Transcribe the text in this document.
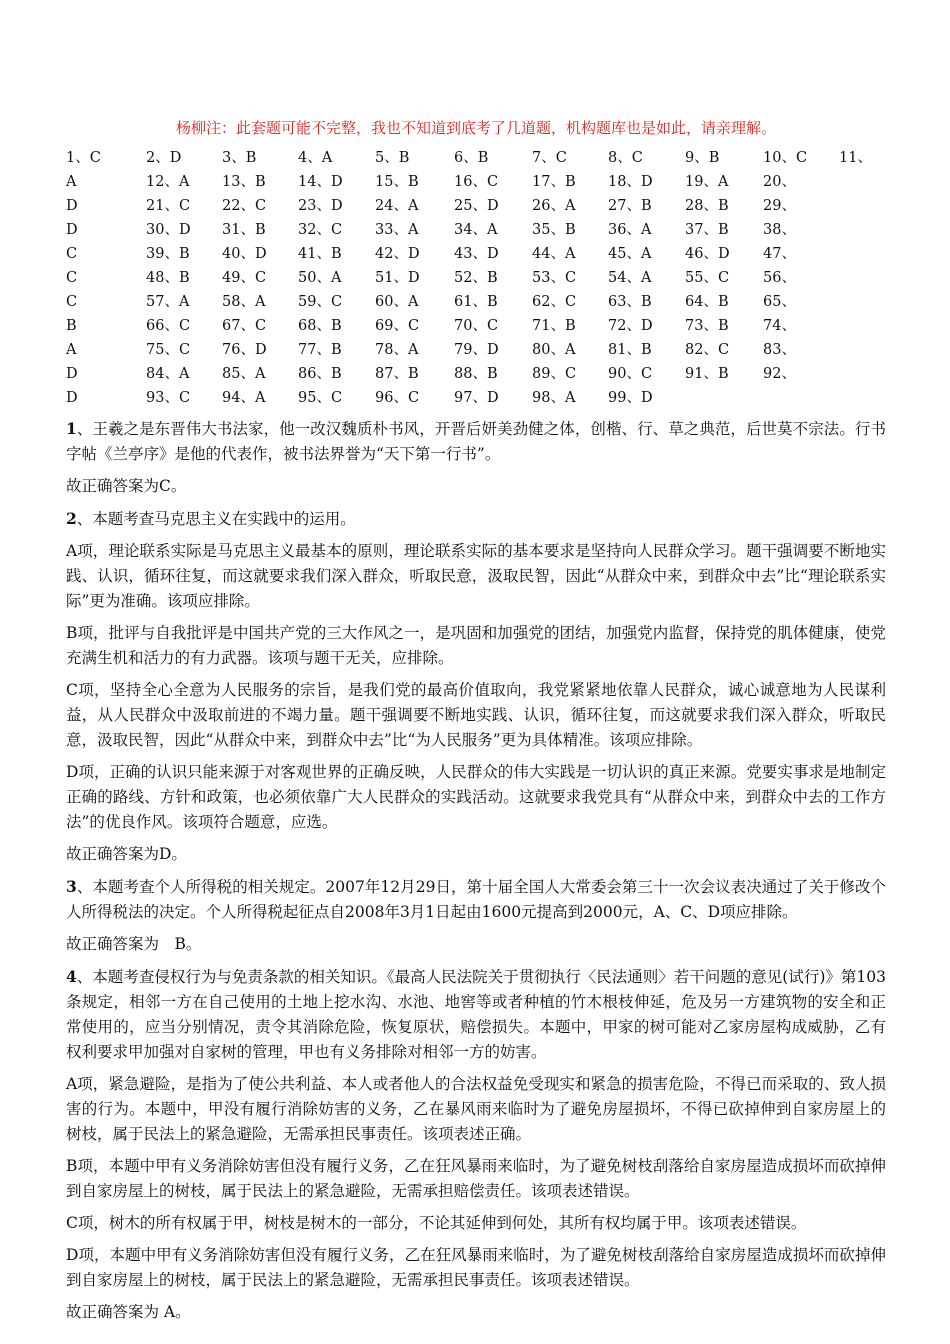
杨柳注：此套题可能不完整，我也不知道到底考了几道题，机构题库也是如此，请亲理解。

1、C	2、D	3、B	4、A	5、B	6、B	7、C	8、C	9、B	10、C	11、
A	12、A	13、B	14、D	15、B	16、C	17、B	18、D	19、A	20、
D	21、C	22、C	23、D	24、A	25、D	26、A	27、B	28、B	29、
D	30、D	31、B	32、C	33、A	34、A	35、B	36、A	37、B	38、
C	39、B	40、D	41、B	42、D	43、D	44、A	45、A	46、D	47、
C	48、B	49、C	50、A	51、D	52、B	53、C	54、A	55、C	56、
C	57、A	58、A	59、C	60、A	61、B	62、C	63、B	64、B	65、
B	66、C	67、C	68、B	69、C	70、C	71、B	72、D	73、B	74、
A	75、C	76、D	77、B	78、A	79、D	80、A	81、B	82、C	83、
D	84、A	85、A	86、B	87、B	88、B	89、C	90、C	91、B	92、
D	93、C	94、A	95、C	96、C	97、D	98、A	99、D

1、王羲之是东晋伟大书法家，他一改汉魏质朴书风，开晋后妍美劲健之体，创楷、行、草之典范，后世莫不宗法。行书字帖《兰亭序》是他的代表作，被书法界誉为“天下第一行书”。

故正确答案为C。

2、本题考查马克思主义在实践中的运用。

A项，理论联系实际是马克思主义最基本的原则，理论联系实际的基本要求是坚持向人民群众学习。题干强调要不断地实践、认识，循环往复，而这就要求我们深入群众，听取民意，汲取民智，因此“从群众中来，到群众中去”比“理论联系实际”更为准确。该项应排除。

B项，批评与自我批评是中国共产党的三大作风之一，是巩固和加强党的团结，加强党内监督，保持党的肌体健康，使党充满生机和活力的有力武器。该项与题干无关，应排除。

C项，坚持全心全意为人民服务的宗旨，是我们党的最高价值取向，我党紧紧地依靠人民群众，诚心诚意地为人民谋利益，从人民群众中汲取前进的不竭力量。题干强调要不断地实践、认识，循环往复，而这就要求我们深入群众，听取民意，汲取民智，因此“从群众中来，到群众中去”比“为人民服务”更为具体精准。该项应排除。

D项，正确的认识只能来源于对客观世界的正确反映，人民群众的伟大实践是一切认识的真正来源。党要实事求是地制定正确的路线、方针和政策，也必须依靠广大人民群众的实践活动。这就要求我党具有“从群众中来，到群众中去的工作方法”的优良作风。该项符合题意，应选。

故正确答案为D。

3、本题考查个人所得税的相关规定。2007年12月29日，第十届全国人大常委会第三十一次会议表决通过了关于修改个人所得税法的决定。个人所得税起征点自2008年3月1日起由1600元提高到2000元，A、C、D项应排除。

故正确答案为　B。

4、本题考查侵权行为与免责条款的相关知识。《最高人民法院关于贯彻执行〈民法通则〉若干问题的意见(试行)》第103条规定，相邻一方在自己使用的土地上挖水沟、水池、地窖等或者种植的竹木根枝伸延，危及另一方建筑物的安全和正常使用的，应当分别情况，责令其消除危险，恢复原状，赔偿损失。本题中，甲家的树可能对乙家房屋构成威胁，乙有权利要求甲加强对自家树的管理，甲也有义务排除对相邻一方的妨害。

A项，紧急避险，是指为了使公共利益、本人或者他人的合法权益免受现实和紧急的损害危险，不得已而采取的、致人损害的行为。本题中，甲没有履行消除妨害的义务，乙在暴风雨来临时为了避免房屋损坏，不得已砍掉伸到自家房屋上的树枝，属于民法上的紧急避险，无需承担民事责任。该项表述正确。

B项，本题中甲有义务消除妨害但没有履行义务，乙在狂风暴雨来临时，为了避免树枝刮落给自家房屋造成损坏而砍掉伸到自家房屋上的树枝，属于民法上的紧急避险，无需承担赔偿责任。该项表述错误。

C项，树木的所有权属于甲，树枝是树木的一部分，不论其延伸到何处，其所有权均属于甲。该项表述错误。

D项，本题中甲有义务消除妨害但没有履行义务，乙在狂风暴雨来临时，为了避免树枝刮落给自家房屋造成损坏而砍掉伸到自家房屋上的树枝，属于民法上的紧急避险，无需承担民事责任。该项表述错误。

故正确答案为 A。
